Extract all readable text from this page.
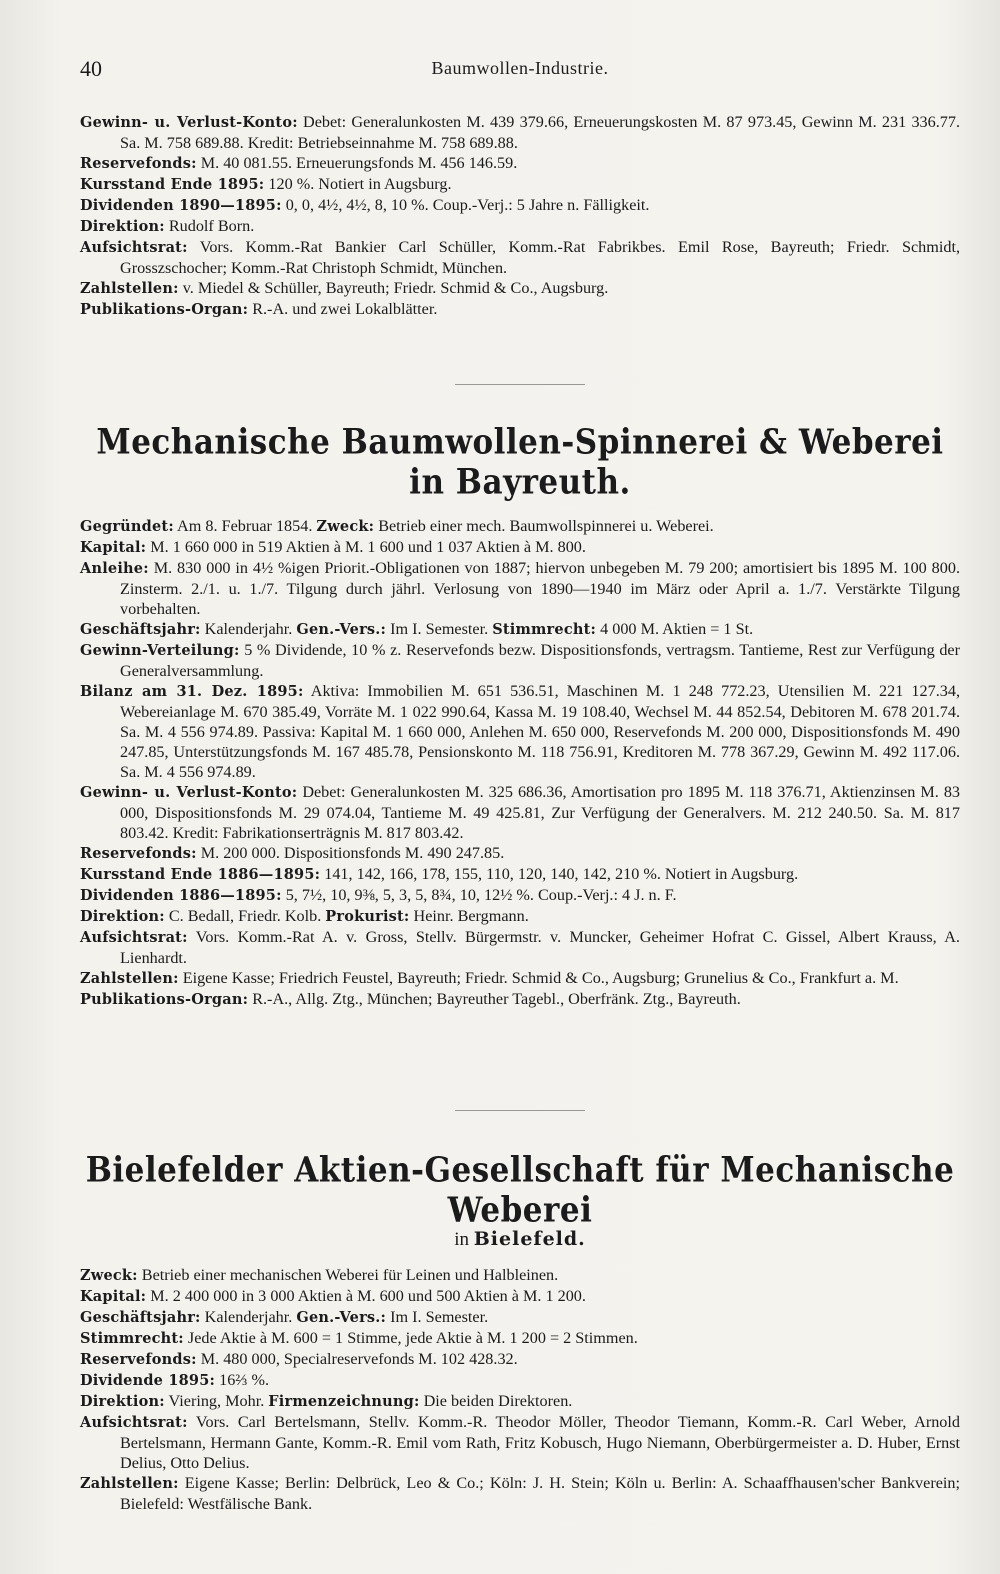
40	Baumwollen-Industrie.
Gewinn- u. Verlust-Konto: Debet: Generalunkosten M. 439 379.66, Erneuerungskosten M. 87 973.45, Gewinn M. 231 336.77. Sa. M. 758 689.88. Kredit: Betriebseinnahme M. 758 689.88.
Reservefonds: M. 40 081.55. Erneuerungsfonds M. 456 146.59.
Kursstand Ende 1895: 120 %. Notiert in Augsburg.
Dividenden 1890—1895: 0, 0, 4½, 4½, 8, 10 %. Coup.-Verj.: 5 Jahre n. Fälligkeit.
Direktion: Rudolf Born.
Aufsichtsrat: Vors. Komm.-Rat Bankier Carl Schüller, Komm.-Rat Fabrikbes. Emil Rose, Bayreuth; Friedr. Schmidt, Grosszschocher; Komm.-Rat Christoph Schmidt, München.
Zahlstellen: v. Miedel & Schüller, Bayreuth; Friedr. Schmid & Co., Augsburg.
Publikations-Organ: R.-A. und zwei Lokalblätter.
Mechanische Baumwollen-Spinnerei & Weberei in Bayreuth.
Gegründet: Am 8. Februar 1854. Zweck: Betrieb einer mech. Baumwollspinnerei u. Weberei.
Kapital: M. 1 660 000 in 519 Aktien à M. 1 600 und 1 037 Aktien à M. 800.
Anleihe: M. 830 000 in 4½ %igen Priorit.-Obligationen von 1887; hiervon unbegeben M. 79 200; amortisiert bis 1895 M. 100 800. Zinsterm. 2./1. u. 1./7. Tilgung durch jährl. Verlosung von 1890—1940 im März oder April a. 1./7. Verstärkte Tilgung vorbehalten.
Geschäftsjahr: Kalenderjahr. Gen.-Vers.: Im I. Semester. Stimmrecht: 4 000 M. Aktien = 1 St.
Gewinn-Verteilung: 5 % Dividende, 10 % z. Reservefonds bezw. Dispositionsfonds, vertragsm. Tantieme, Rest zur Verfügung der Generalversammlung.
Bilanz am 31. Dez. 1895: Aktiva: Immobilien M. 651 536.51, Maschinen M. 1 248 772.23, Utensilien M. 221 127.34, Webereianlage M. 670 385.49, Vorräte M. 1 022 990.64, Kassa M. 19 108.40, Wechsel M. 44 852.54, Debitoren M. 678 201.74. Sa. M. 4 556 974.89. Passiva: Kapital M. 1 660 000, Anlehen M. 650 000, Reservefonds M. 200 000, Dispositionsfonds M. 490 247.85, Unterstützungsfonds M. 167 485.78, Pensionskonto M. 118 756.91, Kreditoren M. 778 367.29, Gewinn M. 492 117.06. Sa. M. 4 556 974.89.
Gewinn- u. Verlust-Konto: Debet: Generalunkosten M. 325 686.36, Amortisation pro 1895 M. 118 376.71, Aktienzinsen M. 83 000, Dispositionsfonds M. 29 074.04, Tantieme M. 49 425.81, Zur Verfügung der Generalvers. M. 212 240.50. Sa. M. 817 803.42. Kredit: Fabrikationserträgnis M. 817 803.42.
Reservefonds: M. 200 000. Dispositionsfonds M. 490 247.85.
Kursstand Ende 1886—1895: 141, 142, 166, 178, 155, 110, 120, 140, 142, 210 %. Notiert in Augsburg.
Dividenden 1886—1895: 5, 7½, 10, 9⅜, 5, 3, 5, 8¾, 10, 12½ %. Coup.-Verj.: 4 J. n. F.
Direktion: C. Bedall, Friedr. Kolb. Prokurist: Heinr. Bergmann.
Aufsichtsrat: Vors. Komm.-Rat A. v. Gross, Stellv. Bürgermstr. v. Muncker, Geheimer Hofrat C. Gissel, Albert Krauss, A. Lienhardt.
Zahlstellen: Eigene Kasse; Friedrich Feustel, Bayreuth; Friedr. Schmid & Co., Augsburg; Grunelius & Co., Frankfurt a. M.
Publikations-Organ: R.-A., Allg. Ztg., München; Bayreuther Tagebl., Oberfränk. Ztg., Bayreuth.
Bielefelder Aktien-Gesellschaft für Mechanische Weberei
in Bielefeld.
Zweck: Betrieb einer mechanischen Weberei für Leinen und Halbleinen.
Kapital: M. 2 400 000 in 3 000 Aktien à M. 600 und 500 Aktien à M. 1 200.
Geschäftsjahr: Kalenderjahr. Gen.-Vers.: Im I. Semester.
Stimmrecht: Jede Aktie à M. 600 = 1 Stimme, jede Aktie à M. 1 200 = 2 Stimmen.
Reservefonds: M. 480 000, Specialreservefonds M. 102 428.32.
Dividende 1895: 16⅔ %.
Direktion: Viering, Mohr. Firmenzeichnung: Die beiden Direktoren.
Aufsichtsrat: Vors. Carl Bertelsmann, Stellv. Komm.-R. Theodor Möller, Theodor Tiemann, Komm.-R. Carl Weber, Arnold Bertelsmann, Hermann Gante, Komm.-R. Emil vom Rath, Fritz Kobusch, Hugo Niemann, Oberbürgermeister a. D. Huber, Ernst Delius, Otto Delius.
Zahlstellen: Eigene Kasse; Berlin: Delbrück, Leo & Co.; Köln: J. H. Stein; Köln u. Berlin: A. Schaaffhausen'scher Bankverein; Bielefeld: Westfälische Bank.
